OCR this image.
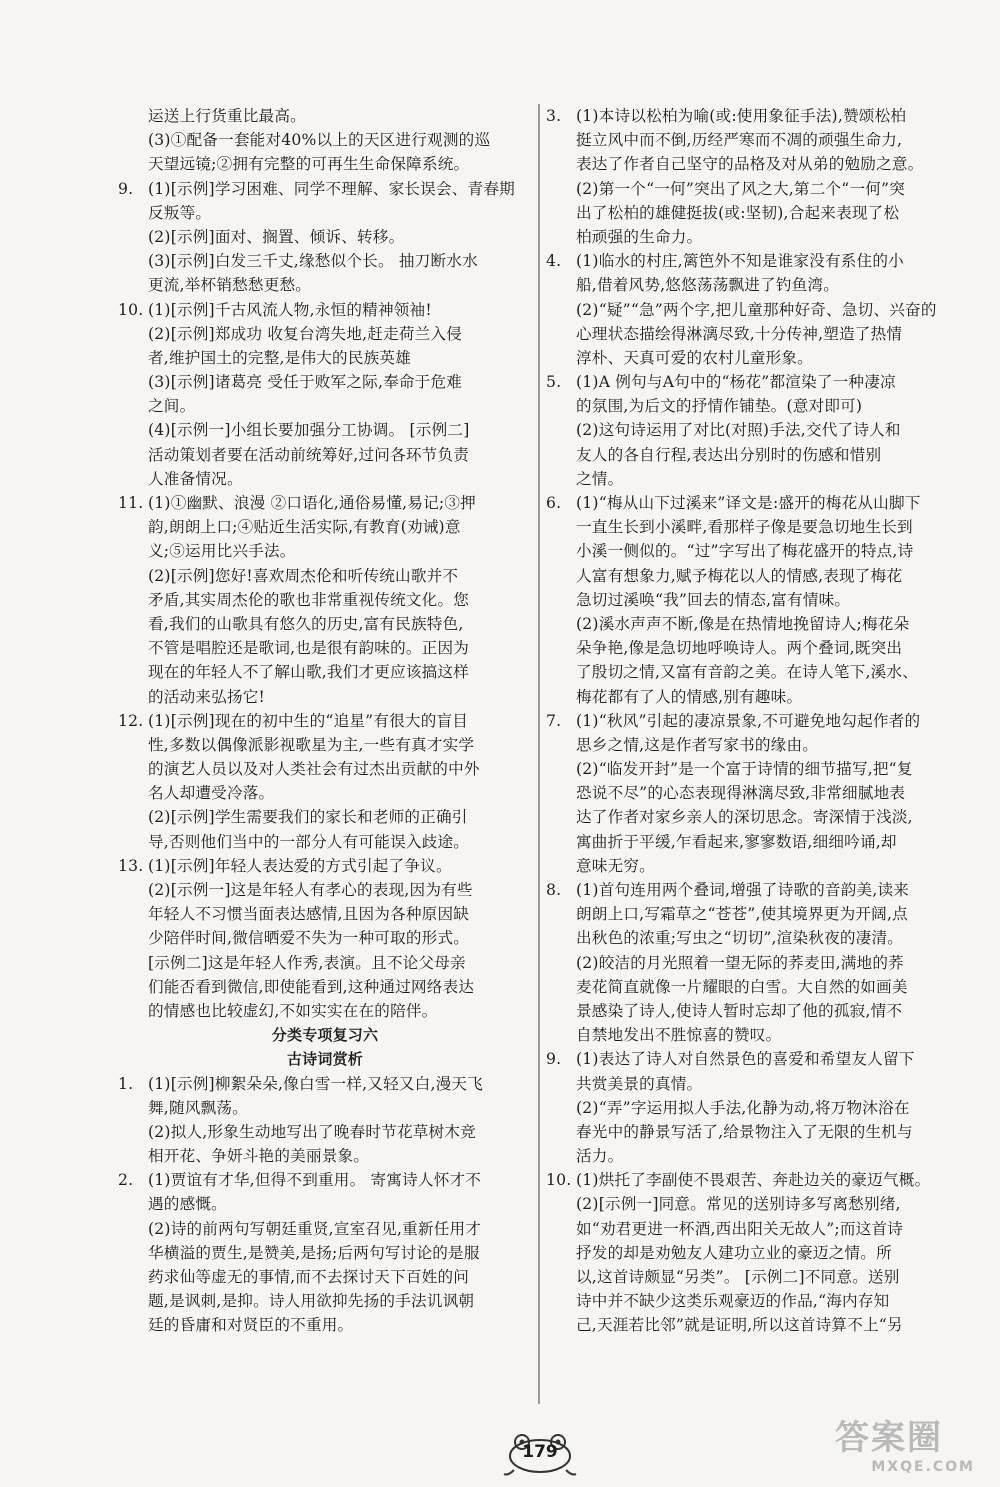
运送上行货重比最高。
(3)①配备一套能对40%以上的天区进行观测的巡
天望远镜;②拥有完整的可再生生命保障系统。
9. (1)[示例]学习困难、同学不理解、家长误会、青春期
反叛等。
(2)[示例]面对、搁置、倾诉、转移。
(3)[示例]白发三千丈,缘愁似个长。 抽刀断水水
更流,举杯销愁愁更愁。
10. (1)[示例]千古风流人物,永恒的精神领袖!
(2)[示例]郑成功 收复台湾失地,赶走荷兰入侵
者,维护国土的完整,是伟大的民族英雄
(3)[示例]诸葛亮 受任于败军之际,奉命于危难
之间。
(4)[示例一]小组长要加强分工协调。 [示例二]
活动策划者要在活动前统筹好,过问各环节负责
人准备情况。
11. (1)①幽默、浪漫 ②口语化,通俗易懂,易记;③押
韵,朗朗上口;④贴近生活实际,有教育(劝诫)意
义;⑤运用比兴手法。
(2)[示例]您好!喜欢周杰伦和听传统山歌并不
矛盾,其实周杰伦的歌也非常重视传统文化。您
看,我们的山歌具有悠久的历史,富有民族特色,
不管是唱腔还是歌词,也是很有韵味的。正因为
现在的年轻人不了解山歌,我们才更应该搞这样
的活动来弘扬它!
12. (1)[示例]现在的初中生的“追星”有很大的盲目
性,多数以偶像派影视歌星为主,一些有真才实学
的演艺人员以及对人类社会有过杰出贡献的中外
名人却遭受冷落。
(2)[示例]学生需要我们的家长和老师的正确引
导,否则他们当中的一部分人有可能误入歧途。
13. (1)[示例]年轻人表达爱的方式引起了争议。
(2)[示例一]这是年轻人有孝心的表现,因为有些
年轻人不习惯当面表达感情,且因为各种原因缺
少陪伴时间,微信晒爱不失为一种可取的形式。
[示例二]这是年轻人作秀,表演。且不论父母亲
们能否看到微信,即使能看到,这种通过网络表达
的情感也比较虚幻,不如实实在在的陪伴。
分类专项复习六
古诗词赏析
1. (1)[示例]柳絮朵朵,像白雪一样,又轻又白,漫天飞
舞,随风飘荡。
(2)拟人,形象生动地写出了晚春时节花草树木竞
相开花、争妍斗艳的美丽景象。
2. (1)贾谊有才华,但得不到重用。 寄寓诗人怀才不
遇的感慨。
(2)诗的前两句写朝廷重贤,宣室召见,重新任用才
华横溢的贾生,是赞美,是扬;后两句写讨论的是服
药求仙等虚无的事情,而不去探讨天下百姓的问
题,是讽刺,是抑。诗人用欲抑先扬的手法讥讽朝
廷的昏庸和对贤臣的不重用。
3. (1)本诗以松柏为喻(或:使用象征手法),赞颂松柏
挺立风中而不倒,历经严寒而不凋的顽强生命力,
表达了作者自己坚守的品格及对从弟的勉励之意。
(2)第一个“一何”突出了风之大,第二个“一何”突
出了松柏的雄健挺拔(或:坚韧),合起来表现了松
柏顽强的生命力。
4. (1)临水的村庄,篱笆外不知是谁家没有系住的小
船,借着风势,悠悠荡荡飘进了钓鱼湾。
(2)“疑”“急”两个字,把儿童那种好奇、急切、兴奋的
心理状态描绘得淋漓尽致,十分传神,塑造了热情
淳朴、天真可爱的农村儿童形象。
5. (1)A 例句与A句中的“杨花”都渲染了一种凄凉
的氛围,为后文的抒情作铺垫。(意对即可)
(2)这句诗运用了对比(对照)手法,交代了诗人和
友人的各自行程,表达出分别时的伤感和惜别
之情。
6. (1)“梅从山下过溪来”译文是:盛开的梅花从山脚下
一直生长到小溪畔,看那样子像是要急切地生长到
小溪一侧似的。“过”字写出了梅花盛开的特点,诗
人富有想象力,赋予梅花以人的情感,表现了梅花
急切过溪唤“我”回去的情态,富有情味。
(2)溪水声声不断,像是在热情地挽留诗人;梅花朵
朵争艳,像是急切地呼唤诗人。两个叠词,既突出
了殷切之情,又富有音韵之美。在诗人笔下,溪水、
梅花都有了人的情感,别有趣味。
7. (1)“秋风”引起的凄凉景象,不可避免地勾起作者的
思乡之情,这是作者写家书的缘由。
(2)“临发开封”是一个富于诗情的细节描写,把“复
恐说不尽”的心态表现得淋漓尽致,非常细腻地表
达了作者对家乡亲人的深切思念。寄深情于浅淡,
寓曲折于平缓,乍看起来,寥寥数语,细细吟诵,却
意味无穷。
8. (1)首句连用两个叠词,增强了诗歌的音韵美,读来
朗朗上口,写霜草之“苍苍”,使其境界更为开阔,点
出秋色的浓重;写虫之“切切”,渲染秋夜的凄清。
(2)皎洁的月光照着一望无际的荞麦田,满地的荞
麦花简直就像一片耀眼的白雪。大自然的如画美
景感染了诗人,使诗人暂时忘却了他的孤寂,情不
自禁地发出不胜惊喜的赞叹。
9. (1)表达了诗人对自然景色的喜爱和希望友人留下
共赏美景的真情。
(2)“弄”字运用拟人手法,化静为动,将万物沐浴在
春光中的静景写活了,给景物注入了无限的生机与
活力。
10. (1)烘托了李副使不畏艰苦、奔赴边关的豪迈气概。
(2)[示例一]同意。常见的送别诗多写离愁别绪,
如“劝君更进一杯酒,西出阳关无故人”;而这首诗
抒发的却是劝勉友人建功立业的豪迈之情。所
以,这首诗颇显“另类”。 [示例二]不同意。送别
诗中并不缺少这类乐观豪迈的作品,“海内存知
己,天涯若比邻”就是证明,所以这首诗算不上“另
179	答案圈
MXQE.COM
